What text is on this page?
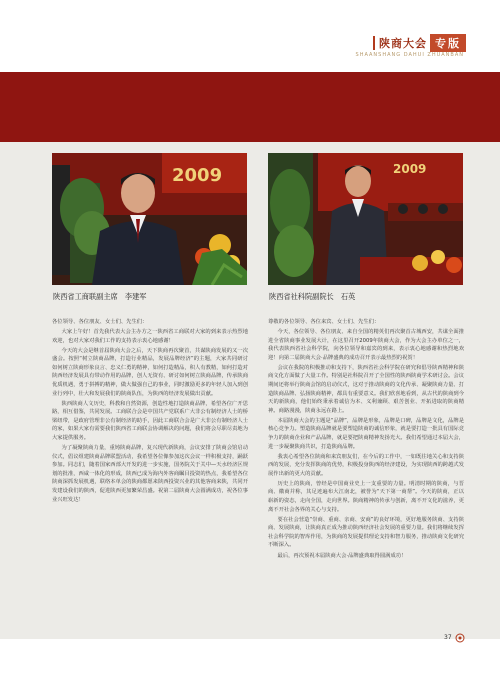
陕商大会 专版
SHAANSHANG DAHUI ZHUANBAN
2009	2009
陕西省工商联副主席　李建军	陕西省社科院副院长　石英

各位领导、各位朋友、女士们、先生们：

大家上午好！首先我代表大会主办方之一陕西省工商联对大家的到来表示热烈地欢迎，也对大家对我们工作的支持表示衷心地感谢！

今天的大会是继首届陕商大会之后，天下陕商再次聚首，共谋陕商发展的又一次盛会。按照“树立陕商品牌，打造行业精品，发展品牌经济”的主题，大家共同研讨如何树立陕商形象良言、忠义仁勇的精神，如何打造精品，积人有教精，如何打造对陕西经济发展具有带动作用的品牌，创人无资有、研讨如何树立陕商品牌，传承陕商优质机遇，勇于拼搏的精神，做大做强自己的事业，同时激励更多的年轻人加入到创业行列中，壮大和发展我们的陕商队伍，为陕西的经济发展做出贡献。

陕西陕商人文历史，科教和自然资源，创造性地打造陕商品牌，希望各位广开思路，相互借鉴，共同发展。工商联合会是中国共产党联系广大非公有制经济人士的桥梁纽带，是政府管理非公有制经济的助手，因此工商联合会是广大非公有制经济人士的家，如果大家有需要我们陕西省工商联会协调解决的问题，我们将会尽职尽责地为大家提供服务。

为了凝聚陕商力量，重铸陕商品牌，复兴现代新陕商，会议安排了陕商会馆启动仪式，倡议组建陕商品牌联盟活动，我希望各位像参加这次会议一样积极支持，踊跃参加。同志们，随着国家西部大开发的进一步实施，国务院关于关中—天水经济区规划的批准，西咸一体化的形成，陕西已成为海内外客商瞩目投资的热点，我希望各位陕商深抓发展机遇，联络本单会的陕商都愿来陕西投资兴业的其他客商来陕，共同开发建设我们的陕西，促进陕西更加繁荣昌盛。祝第二届陕商大会圆满成功，祝各位事业兴旺发达！

尊敬的各位领导、各位来宾、女士们、先生们：

今天，各位领导、各位朋友、来自全国的精英们再次聚首古城西安，共谋全面推进全省陕商事业发展大计，在这里召开2009年陕商大会，作为大会主办单位之一，我代表陕西省社会科学院，向各位领导和嘉宾的到来，表示衷心地感谢和热烈地欢迎！向第二届陕商大会·品牌盛典的成功召开表示最热烈的祝贺！

会议在我院的积极推动和支持下，陕西省社会科学院在研究和倡导陕西精神和陕商文化方面做了大量工作。特别是社科院召开了全国性的陕西陕商学术研讨会。会议期间还将举行陕商会馆的启动仪式，这对于推动陕商的文化传承、凝聚陕商力量、打造陕商品牌、弘扬陕商精神，都具有重要意义。我们欣喜地看到，从古代的陕商到今天的新陕商，他们始终秉承着诚信为本、义利兼顾、艰苦创业、开拓进取的陕商精神。商路漫漫，陕商永远在路上。

本届陕商大会的主题是“品牌”，品牌是形象，品牌是口碑，品牌是文化，品牌是核心竞争力。塑造陕商品牌就是要塑造陕商的诚信形象，就是要打造一批具有国际竞争力的陕商企业和产品品牌，就是要把陕商精神发扬光大。我们希望通过本届大会，进一步凝聚陕商共识，打造陕商品牌。

我衷心希望各位陕商和来宾朋友们，在今后的工作中，一如既往地关心和支持陕西的发展，充分发挥陕商的优势，积极投身陕西的经济建设，为实现陕西的跨越式发展作出新的更大的贡献。

历史上的陕商，曾经是中国商业史上一支重要的力量。明清时期的陕商，与晋商、徽商并称，其足迹遍布大江南北，被誉为“天下第一商帮”。今天的陕商，正以崭新的姿态，走向全国，走向世界。陕商精神的传承与创新，离不开文化的滋养，更离不开社会各界的关心与支持。

要在社会营造“崇商、重商、亲商、安商”的良好环境，更好地服务陕商、支持陕商、发展陕商，让陕商真正成为推动陕西经济社会发展的重要力量。我们将继续发挥社会科学院的智库作用，为陕商的发展提供理论支持和智力服务，推动陕商文化研究不断深入。

最后，再次预祝本届陕商大会·品牌盛典取得圆满成功！

37
